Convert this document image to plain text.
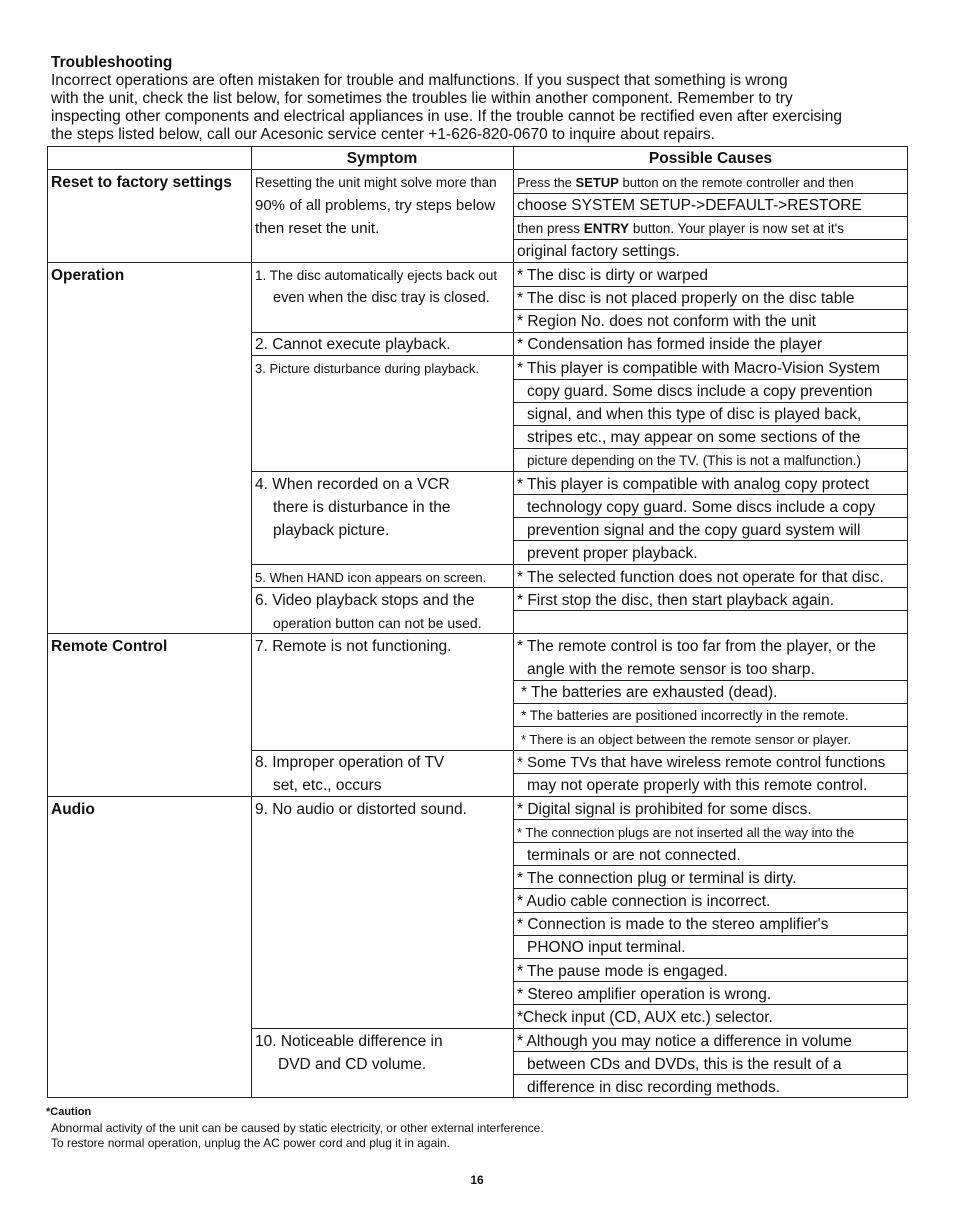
Troubleshooting
Incorrect operations are often mistaken for trouble and malfunctions. If you suspect that something is wrong
with the unit, check the list below, for sometimes the troubles lie within another component. Remember to try
inspecting other components and electrical appliances in use. If the trouble cannot be rectified even after exercising
the steps listed below, call our Acesonic service center +1-626-820-0670 to inquire about repairs.
Symptom	Possible Causes
Reset to factory settings
Operation
Remote Control
Audio
Resetting the unit might solve more than
90% of all problems, try steps below
then reset the unit.
1. The disc automatically ejects back out
even when the disc tray is closed.
2. Cannot execute playback.
3. Picture disturbance during playback.
4. When recorded on a VCR
there is disturbance in the
playback picture.
5. When HAND icon appears on screen.
6. Video playback stops and the
operation button can not be used.
7. Remote is not functioning.
8. Improper operation of TV
set, etc., occurs
9. No audio or distorted sound.
10. Noticeable difference in
DVD and CD volume.
Press the SETUP button on the remote controller and then
choose SYSTEM SETUP->DEFAULT->RESTORE
then press ENTRY button. Your player is now set at it's
original factory settings.
* The disc is dirty or warped
* The disc is not placed properly on the disc table
* Region No. does not conform with the unit
* Condensation has formed inside the player
* This player is compatible with Macro-Vision System
copy guard. Some discs include a copy prevention
signal, and when this type of disc is played back,
stripes etc., may appear on some sections of the
picture depending on the TV. (This is not a malfunction.)
* This player is compatible with analog copy protect
technology copy guard. Some discs include a copy
prevention signal and the copy guard system will
prevent proper playback.
* The selected function does not operate for that disc.
* First stop the disc, then start playback again.
* The remote control is too far from the player, or the
angle with the remote sensor is too sharp.
* The batteries are exhausted (dead).
* The batteries are positioned incorrectly in the remote.
* There is an object between the remote sensor or player.
* Some TVs that have wireless remote control functions
may not operate properly with this remote control.
* Digital signal is prohibited for some discs.
* The connection plugs are not inserted all the way into the
terminals or are not connected.
* The connection plug or terminal is dirty.
* Audio cable connection is incorrect.
* Connection is made to the stereo amplifier's
PHONO input terminal.
* The pause mode is engaged.
* Stereo amplifier operation is wrong.
*Check input (CD, AUX etc.) selector.
* Although you may notice a difference in volume
between CDs and DVDs, this is the result of a
difference in disc recording methods.
*Caution
Abnormal activity of the unit can be caused by static electricity, or other external interference.
To restore normal operation, unplug the AC power cord and plug it in again.
16
